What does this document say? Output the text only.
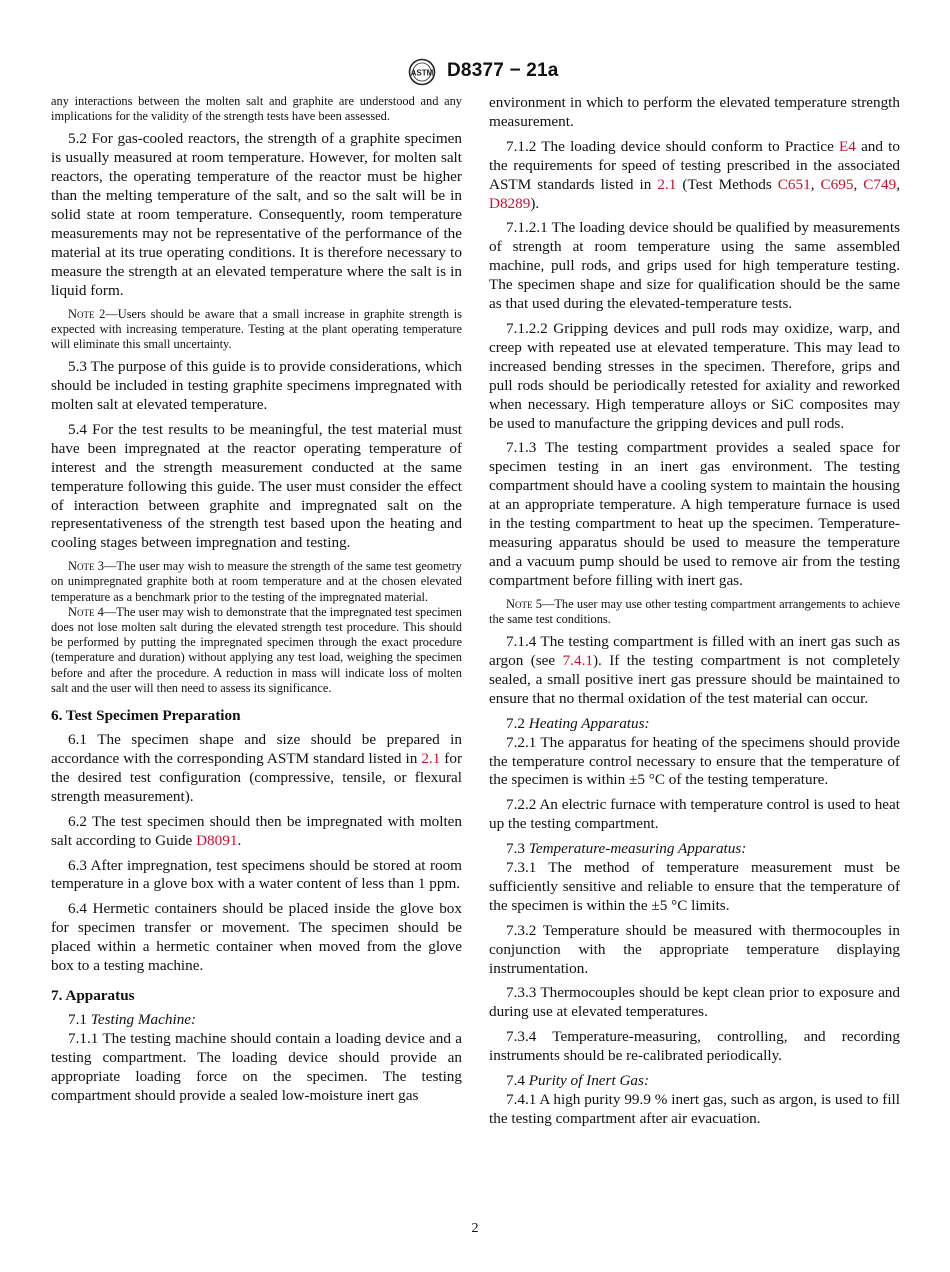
ASTM D8377 − 21a

any interactions between the molten salt and graphite are understood and any implications for the validity of the strength tests have been assessed.

5.2 For gas-cooled reactors, the strength of a graphite specimen is usually measured at room temperature. However, for molten salt reactors, the operating temperature of the reactor must be higher than the melting temperature of the salt, and so the salt will be in solid state at room temperature. Consequently, room temperature measurements may not be representative of the performance of the material at its true operating conditions. It is therefore necessary to measure the strength at an elevated temperature where the salt is in liquid form.

Note 2—Users should be aware that a small increase in graphite strength is expected with increasing temperature. Testing at the plant operating temperature will eliminate this small uncertainty.

5.3 The purpose of this guide is to provide considerations, which should be included in testing graphite specimens impregnated with molten salt at elevated temperature.

5.4 For the test results to be meaningful, the test material must have been impregnated at the reactor operating temperature of interest and the strength measurement conducted at the same temperature following this guide. The user must consider the effect of interaction between graphite and impregnated salt on the representativeness of the strength test based upon the heating and cooling stages between impregnation and testing.

Note 3—The user may wish to measure the strength of the same test geometry on unimpregnated graphite both at room temperature and at the chosen elevated temperature as a benchmark prior to the testing of the impregnated material.

Note 4—The user may wish to demonstrate that the impregnated test specimen does not lose molten salt during the elevated strength test procedure. This should be performed by putting the impregnated specimen through the exact procedure (temperature and duration) without applying any test load, weighing the specimen before and after the procedure. A reduction in mass will indicate loss of molten salt and the user will then need to assess its significance.

6. Test Specimen Preparation

6.1 The specimen shape and size should be prepared in accordance with the corresponding ASTM standard listed in 2.1 for the desired test configuration (compressive, tensile, or flexural strength measurement).

6.2 The test specimen should then be impregnated with molten salt according to Guide D8091.

6.3 After impregnation, test specimens should be stored at room temperature in a glove box with a water content of less than 1 ppm.

6.4 Hermetic containers should be placed inside the glove box for specimen transfer or movement. The specimen should be placed within a hermetic container when moved from the glove box to a testing machine.

7. Apparatus

7.1 Testing Machine:

7.1.1 The testing machine should contain a loading device and a testing compartment. The loading device should provide an appropriate loading force on the specimen. The testing compartment should provide a sealed low-moisture inert gas

environment in which to perform the elevated temperature strength measurement.

7.1.2 The loading device should conform to Practice E4 and to the requirements for speed of testing prescribed in the associated ASTM standards listed in 2.1 (Test Methods C651, C695, C749, D8289).

7.1.2.1 The loading device should be qualified by measurements of strength at room temperature using the same assembled machine, pull rods, and grips used for high temperature testing. The specimen shape and size for qualification should be the same as that used during the elevated-temperature tests.

7.1.2.2 Gripping devices and pull rods may oxidize, warp, and creep with repeated use at elevated temperature. This may lead to increased bending stresses in the specimen. Therefore, grips and pull rods should be periodically retested for axiality and reworked when necessary. High temperature alloys or SiC composites may be used to manufacture the gripping devices and pull rods.

7.1.3 The testing compartment provides a sealed space for specimen testing in an inert gas environment. The testing compartment should have a cooling system to maintain the housing at an appropriate temperature. A high temperature furnace is used in the testing compartment to heat up the specimen. Temperature-measuring apparatus should be used to measure the temperature and a vacuum pump should be used to remove air from the testing compartment before filling with inert gas.

Note 5—The user may use other testing compartment arrangements to achieve the same test conditions.

7.1.4 The testing compartment is filled with an inert gas such as argon (see 7.4.1). If the testing compartment is not completely sealed, a small positive inert gas pressure should be maintained to ensure that no thermal oxidation of the test material can occur.

7.2 Heating Apparatus:

7.2.1 The apparatus for heating of the specimens should provide the temperature control necessary to ensure that the temperature of the specimen is within ±5 °C of the testing temperature.

7.2.2 An electric furnace with temperature control is used to heat up the testing compartment.

7.3 Temperature-measuring Apparatus:

7.3.1 The method of temperature measurement must be sufficiently sensitive and reliable to ensure that the temperature of the specimen is within the ±5 °C limits.

7.3.2 Temperature should be measured with thermocouples in conjunction with the appropriate temperature displaying instrumentation.

7.3.3 Thermocouples should be kept clean prior to exposure and during use at elevated temperatures.

7.3.4 Temperature-measuring, controlling, and recording instruments should be re-calibrated periodically.

7.4 Purity of Inert Gas:

7.4.1 A high purity 99.9 % inert gas, such as argon, is used to fill the testing compartment after air evacuation.

2
